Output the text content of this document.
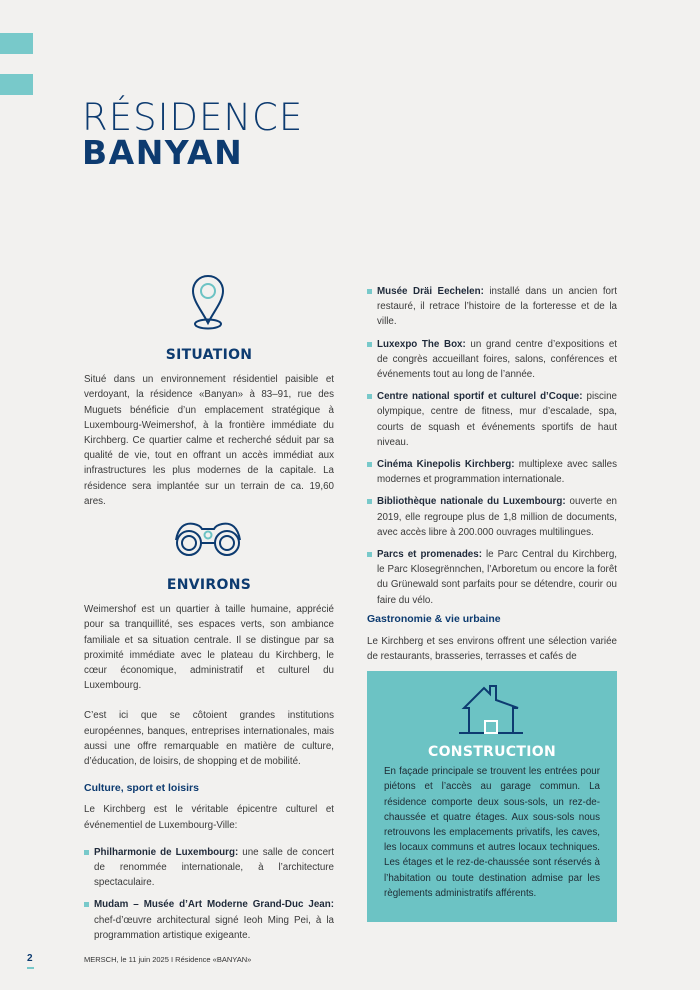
RÉSIDENCE
BANYAN
SITUATION

Situé dans un environnement résidentiel paisible et verdoyant, la résidence «Banyan» à 83–91, rue des Muguets bénéficie d’un emplacement stratégique à Luxembourg-Weimershof, à la frontière immédiate du Kirchberg. Ce quartier calme et recherché séduit par sa qualité de vie, tout en offrant un accès immédiat aux infrastructures les plus modernes de la capitale. La résidence sera implantée sur un terrain de ca. 19,60 ares.

ENVIRONS

Weimershof est un quartier à taille humaine, apprécié pour sa tranquillité, ses espaces verts, son ambiance familiale et sa situation centrale. Il se distingue par sa proximité immédiate avec le plateau du Kirchberg, le cœur économique, administratif et culturel du Luxembourg.

C’est ici que se côtoient grandes institutions européennes, banques, entreprises internationales, mais aussi une offre remarquable en matière de culture, d’éducation, de loisirs, de shopping et de mobilité.

Culture, sport et loisirs

Le Kirchberg est le véritable épicentre culturel et événementiel de Luxembourg-Ville:

Philharmonie de Luxembourg: une salle de concert de renommée internationale, à l’architecture spectaculaire.
Mudam – Musée d’Art Moderne Grand-Duc Jean: chef-d’œuvre architectural signé Ieoh Ming Pei, à la programmation artistique exigeante.
Musée Dräi Eechelen: installé dans un ancien fort restauré, il retrace l’histoire de la forteresse et de la ville.
Luxexpo The Box: un grand centre d’expositions et de congrès accueillant foires, salons, conférences et événements tout au long de l’année.
Centre national sportif et culturel d’Coque: piscine olympique, centre de fitness, mur d’escalade, spa, courts de squash et événements sportifs de haut niveau.
Cinéma Kinepolis Kirchberg: multiplexe avec salles modernes et programmation internationale.
Bibliothèque nationale du Luxembourg: ouverte en 2019, elle regroupe plus de 1,8 million de documents, avec accès libre à 200.000 ouvrages multilingues.
Parcs et promenades: le Parc Central du Kirchberg, le Parc Klosegrënnchen, l’Arboretum ou encore la forêt du Grünewald sont parfaits pour se détendre, courir ou faire du vélo.
Gastronomie & vie urbaine

Le Kirchberg et ses environs offrent une sélection variée de restaurants, brasseries, terrasses et cafés de

CONSTRUCTION

En façade principale se trouvent les entrées pour piétons et l’accès au garage commun. La résidence comporte deux sous-sols, un rez-de-chaussée et quatre étages. Aux sous-sols nous retrouvons les emplacements privatifs, les caves, les locaux communs et autres locaux techniques. Les étages et le rez-de-chaussée sont réservés à l’habitation ou toute destination admise par les règlements administratifs afférents.

2	MERSCH, le 11 juin 2025 I Résidence «BANYAN»
